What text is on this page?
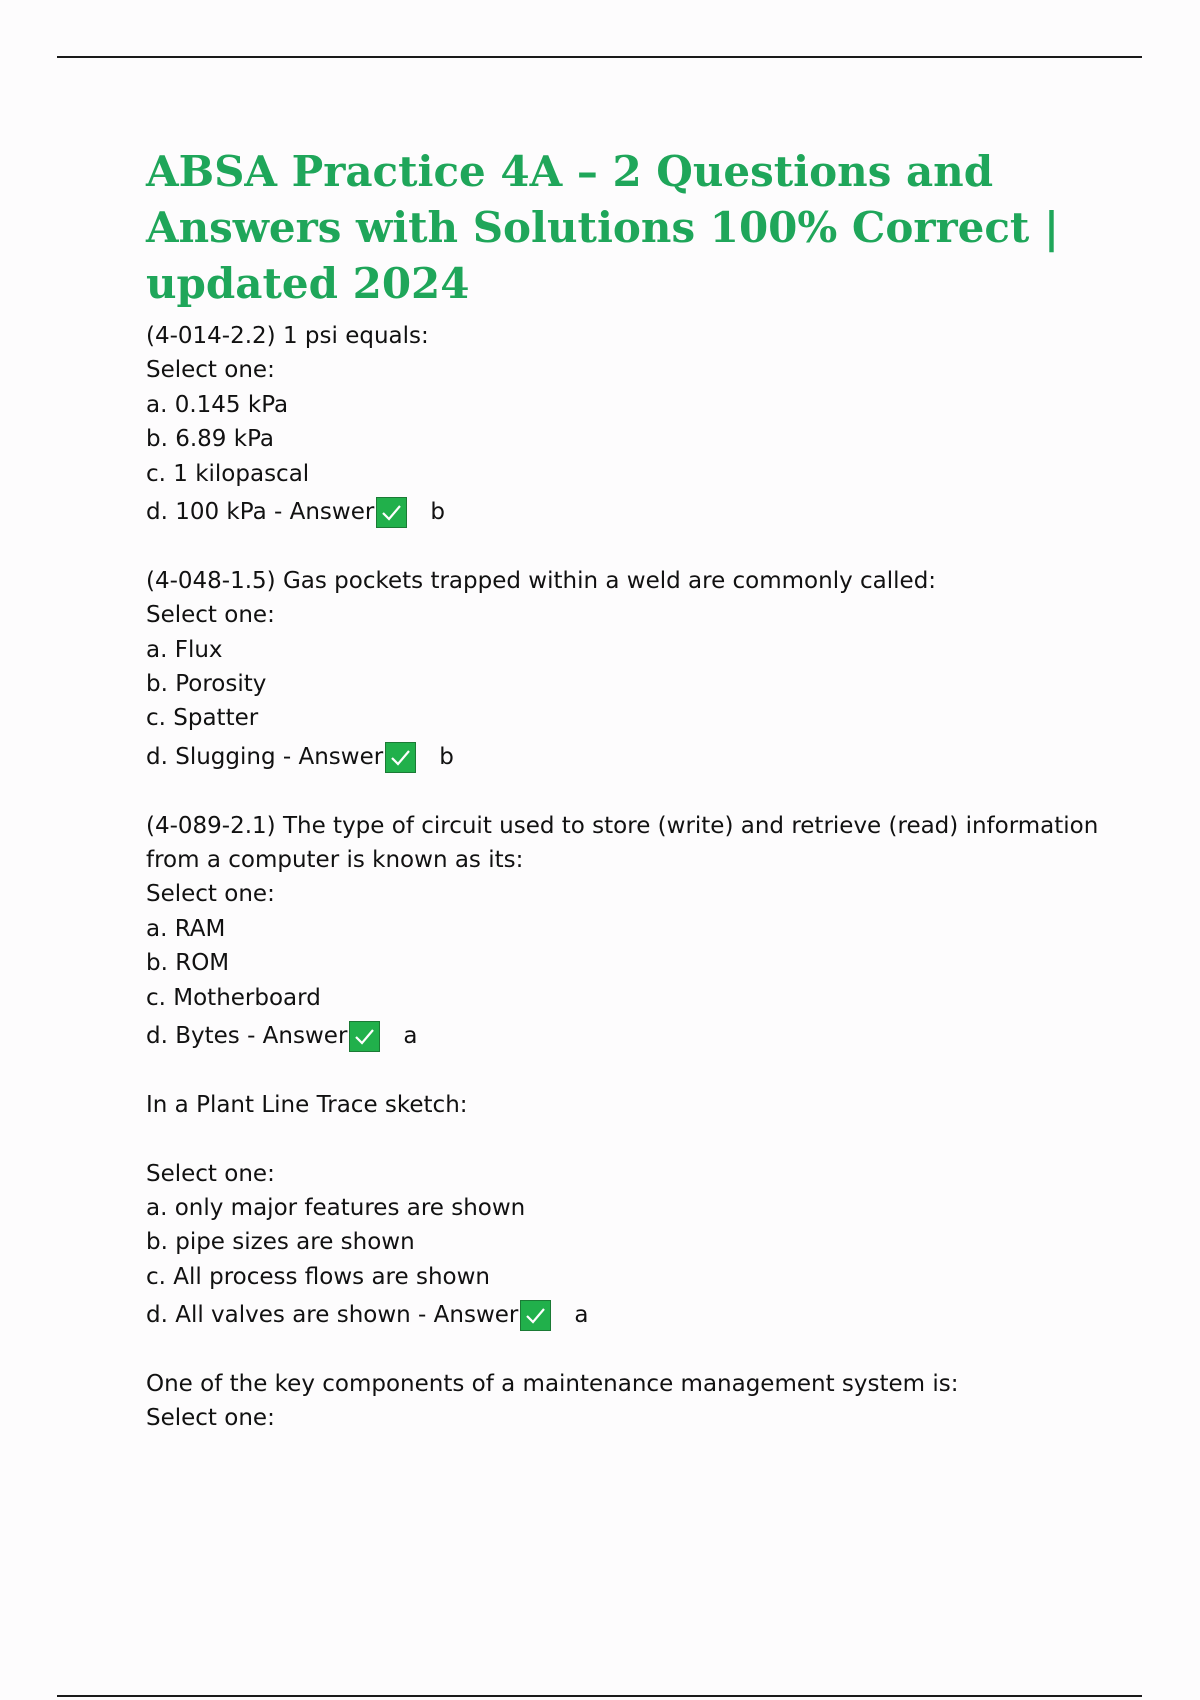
ABSA Practice 4A – 2 Questions and Answers with Solutions 100% Correct | updated 2024
(4-014-2.2) 1 psi equals:
Select one:
a. 0.145 kPa
b. 6.89 kPa
c. 1 kilopascal
d. 100 kPa - Answer b
(4-048-1.5) Gas pockets trapped within a weld are commonly called:
Select one:
a. Flux
b. Porosity
c. Spatter
d. Slugging - Answer b
(4-089-2.1) The type of circuit used to store (write) and retrieve (read) information from a computer is known as its:
Select one:
a. RAM
b. ROM
c. Motherboard
d. Bytes - Answer a
In a Plant Line Trace sketch:
Select one:
a. only major features are shown
b. pipe sizes are shown
c. All process flows are shown
d. All valves are shown - Answer a
One of the key components of a maintenance management system is:
Select one:
